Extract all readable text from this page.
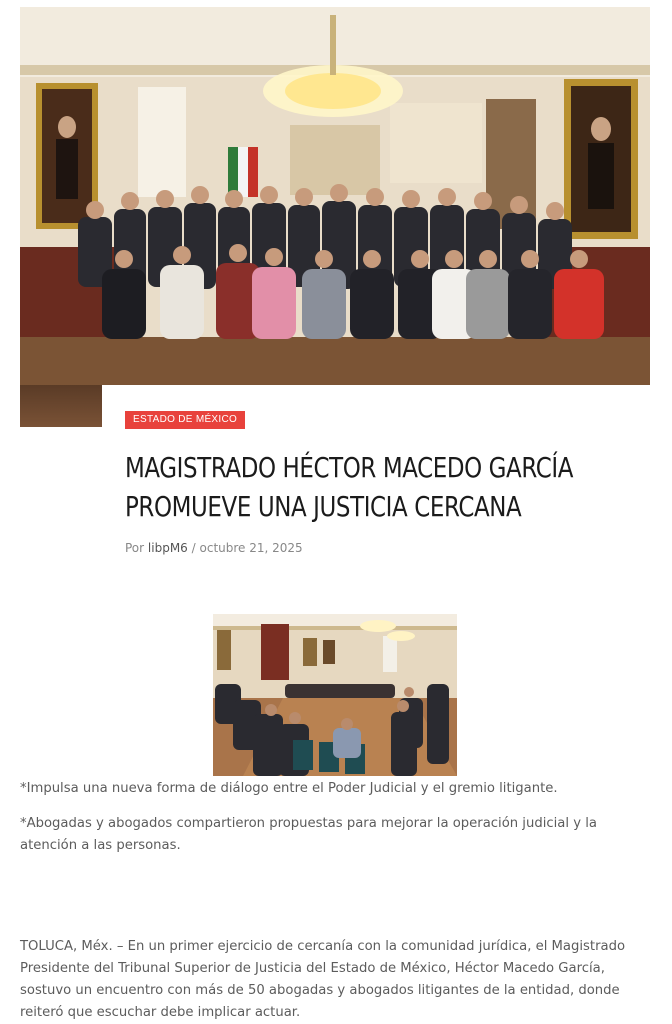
ESTADO DE MÉXICO
MAGISTRADO HÉCTOR MACEDO GARCÍA
PROMUEVE UNA JUSTICIA CERCANA
Por libpM6 / octubre 21, 2025

*Impulsa una nueva forma de diálogo entre el Poder Judicial y el gremio litigante.

*Abogadas y abogados compartieron propuestas para mejorar la operación judicial y la atención a las personas.

TOLUCA, Méx. – En un primer ejercicio de cercanía con la comunidad jurídica, el Magistrado Presidente del Tribunal Superior de Justicia del Estado de México, Héctor Macedo García, sostuvo un encuentro con más de 50 abogadas y abogados litigantes de la entidad, donde reiteró que escuchar debe implicar actuar.
